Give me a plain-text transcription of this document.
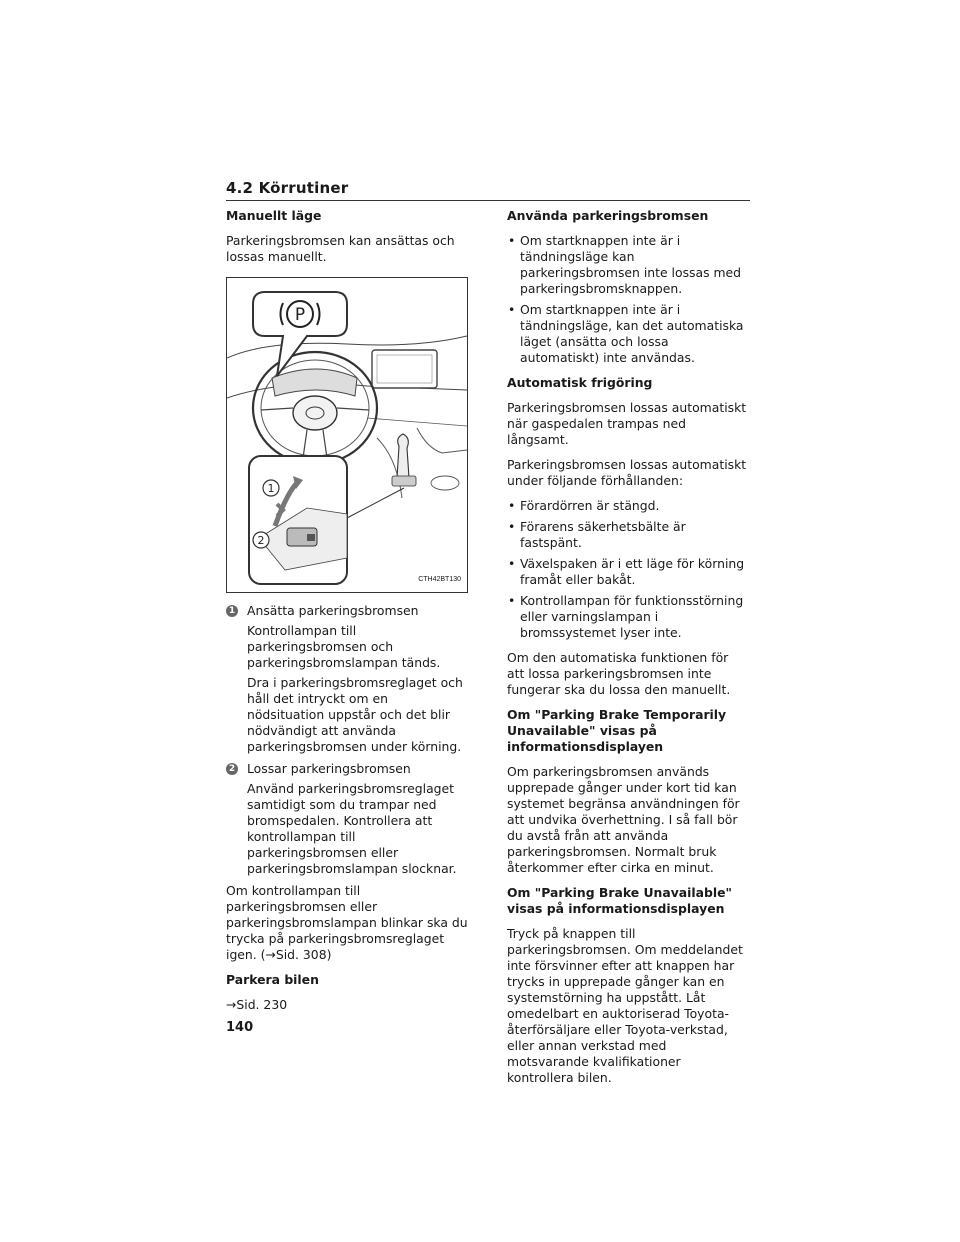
4.2 Körrutiner
Manuellt läge
Parkeringsbromsen kan ansättas och lossas manuellt.
P
1
2
CTH42BT130
1 Ansätta parkeringsbromsen
Kontrollampan till parkeringsbromsen och parkeringsbromslampan tänds.
Dra i parkeringsbromsreglaget och håll det intryckt om en nödsituation uppstår och det blir nödvändigt att använda parkeringsbromsen under körning.
2 Lossar parkeringsbromsen
Använd parkeringsbromsreglaget samtidigt som du trampar ned bromspedalen. Kontrollera att kontrollampan till parkeringsbromsen eller parkeringsbromslampan slocknar.
Om kontrollampan till parkeringsbromsen eller parkeringsbromslampan blinkar ska du trycka på parkeringsbromsreglaget igen. (→Sid. 308)
Parkera bilen
→Sid. 230
Använda parkeringsbromsen
• Om startknappen inte är i tändningsläge kan parkeringsbromsen inte lossas med parkeringsbromsknappen.
• Om startknappen inte är i tändningsläge, kan det automatiska läget (ansätta och lossa automatiskt) inte användas.
Automatisk frigöring
Parkeringsbromsen lossas automatiskt när gaspedalen trampas ned långsamt.
Parkeringsbromsen lossas automatiskt under följande förhållanden:
• Förardörren är stängd.
• Förarens säkerhetsbälte är fastspänt.
• Växelspaken är i ett läge för körning framåt eller bakåt.
• Kontrollampan för funktionsstörning eller varningslampan i bromssystemet lyser inte.
Om den automatiska funktionen för att lossa parkeringsbromsen inte fungerar ska du lossa den manuellt.
Om "Parking Brake Temporarily Unavailable" visas på informationsdisplayen
Om parkeringsbromsen används upprepade gånger under kort tid kan systemet begränsa användningen för att undvika överhettning. I så fall bör du avstå från att använda parkeringsbromsen. Normalt bruk återkommer efter cirka en minut.
Om "Parking Brake Unavailable" visas på informationsdisplayen
Tryck på knappen till parkeringsbromsen. Om meddelandet inte försvinner efter att knappen har trycks in upprepade gånger kan en systemstörning ha uppstått. Låt omedelbart en auktoriserad Toyota-återförsäljare eller Toyota-verkstad, eller annan verkstad med motsvarande kvalifikationer kontrollera bilen.
140
